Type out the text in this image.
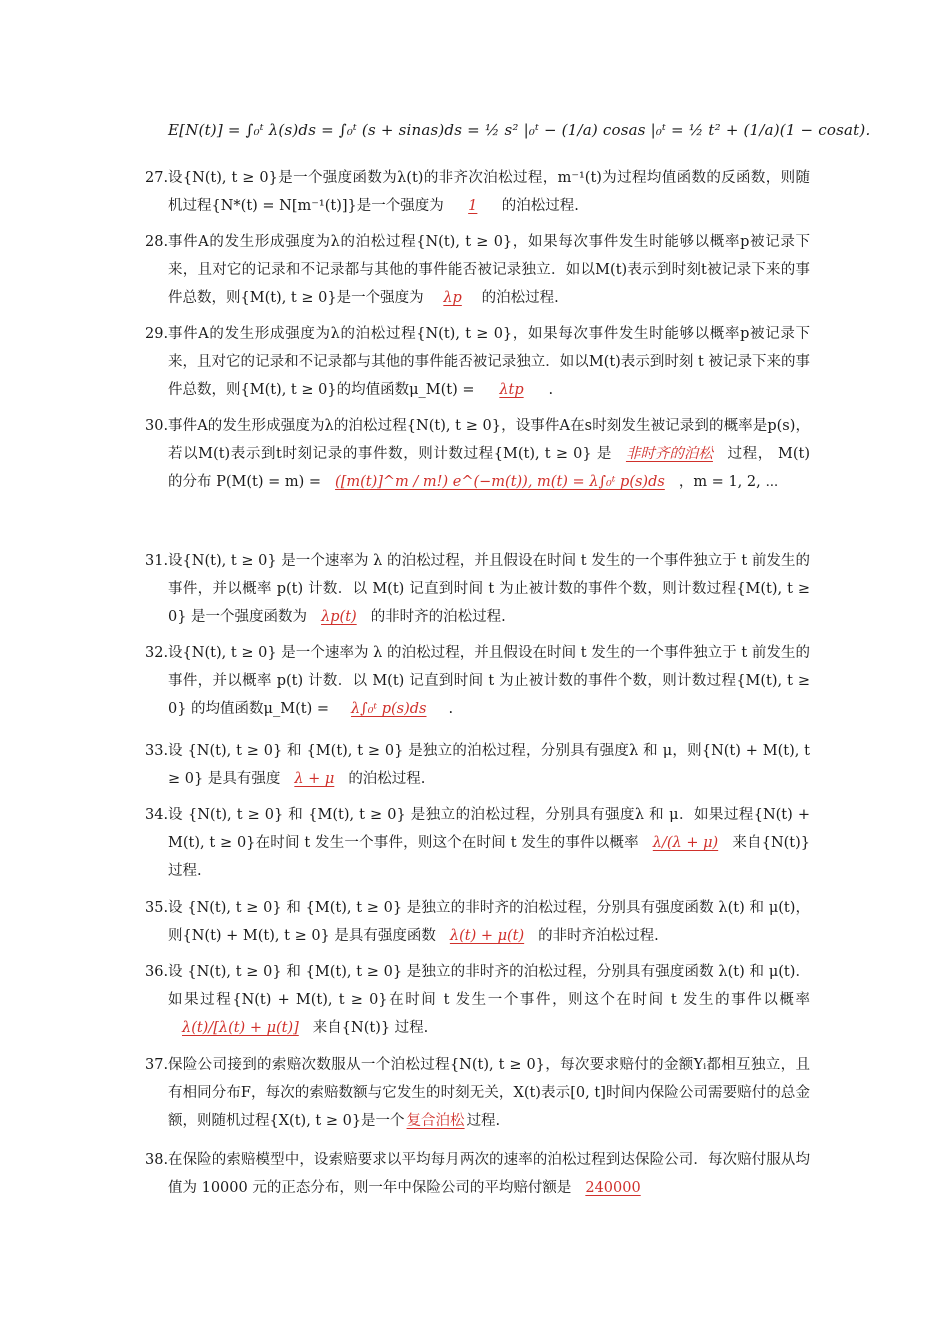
E[N(t)] = ∫₀ᵗ λ(s)ds = ∫₀ᵗ (s + sinas)ds = ½ s² |₀ᵗ − (1/a) cosas |₀ᵗ = ½ t² + (1/a)(1 − cosat).
27. 设{N(t), t ≥ 0}是一个强度函数为λ(t)的非齐次泊松过程，m⁻¹(t)为过程均值函数的反函数，则随机过程{N*(t) = N[m⁻¹(t)]}是一个强度为 1 的泊松过程.
28. 事件A的发生形成强度为λ的泊松过程{N(t), t ≥ 0}，如果每次事件发生时能够以概率p被记录下来，且对它的记录和不记录都与其他的事件能否被记录独立．如以M(t)表示到时刻t被记录下来的事件总数，则{M(t), t ≥ 0}是一个强度为 λp 的泊松过程.
29. 事件A的发生形成强度为λ的泊松过程{N(t), t ≥ 0}，如果每次事件发生时能够以概率p被记录下来，且对它的记录和不记录都与其他的事件能否被记录独立．如以M(t)表示到时刻 t 被记录下来的事件总数，则{M(t), t ≥ 0}的均值函数μ_M(t) = λtp .
30. 事件A的发生形成强度为λ的泊松过程{N(t), t ≥ 0}，设事件A在s时刻发生被记录到的概率是p(s)，若以M(t)表示到t时刻记录的事件数，则计数过程{M(t), t ≥ 0} 是 非时齐的泊松 过程， M(t) 的分布 P(M(t) = m) = ([m(t)]^m / m!) e^(−m(t)), m(t) = λ∫₀ᵗ p(s)ds ，m = 1, 2, ⋯
31. 设{N(t), t ≥ 0} 是一个速率为 λ 的泊松过程，并且假设在时间 t 发生的一个事件独立于 t 前发生的事件，并以概率 p(t) 计数．以 M(t) 记直到时间 t 为止被计数的事件个数，则计数过程{M(t), t ≥ 0} 是一个强度函数为 λp(t) 的非时齐的泊松过程.
32. 设{N(t), t ≥ 0} 是一个速率为 λ 的泊松过程，并且假设在时间 t 发生的一个事件独立于 t 前发生的事件，并以概率 p(t) 计数．以 M(t) 记直到时间 t 为止被计数的事件个数，则计数过程{M(t), t ≥ 0} 的均值函数μ_M(t) = λ∫₀ᵗ p(s)ds .
33. 设 {N(t), t ≥ 0} 和 {M(t), t ≥ 0} 是独立的泊松过程，分别具有强度λ 和 μ，则{N(t) + M(t), t ≥ 0} 是具有强度 λ + μ 的泊松过程.
34. 设 {N(t), t ≥ 0} 和 {M(t), t ≥ 0} 是独立的泊松过程，分别具有强度λ 和 μ．如果过程{N(t) + M(t), t ≥ 0}在时间 t 发生一个事件，则这个在时间 t 发生的事件以概率 λ/(λ + μ) 来自{N(t)} 过程.
35. 设 {N(t), t ≥ 0} 和 {M(t), t ≥ 0} 是独立的非时齐的泊松过程，分别具有强度函数 λ(t) 和 μ(t)，则{N(t) + M(t), t ≥ 0} 是具有强度函数 λ(t) + μ(t) 的非时齐泊松过程.
36. 设 {N(t), t ≥ 0} 和 {M(t), t ≥ 0} 是独立的非时齐的泊松过程，分别具有强度函数 λ(t) 和 μ(t)．如果过程{N(t) + M(t), t ≥ 0}在时间 t 发生一个事件，则这个在时间 t 发生的事件以概率λ(t)/[λ(t) + μ(t)] 来自{N(t)} 过程.
37. 保险公司接到的索赔次数服从一个泊松过程{N(t), t ≥ 0}，每次要求赔付的金额Yᵢ都相互独立，且有相同分布F，每次的索赔数额与它发生的时刻无关，X(t)表示[0, t]时间内保险公司需要赔付的总金额，则随机过程{X(t), t ≥ 0}是一个 复合泊松 过程.
38. 在保险的索赔模型中，设索赔要求以平均每月两次的速率的泊松过程到达保险公司．每次赔付服从均值为 10000 元的正态分布，则一年中保险公司的平均赔付额是 240000
